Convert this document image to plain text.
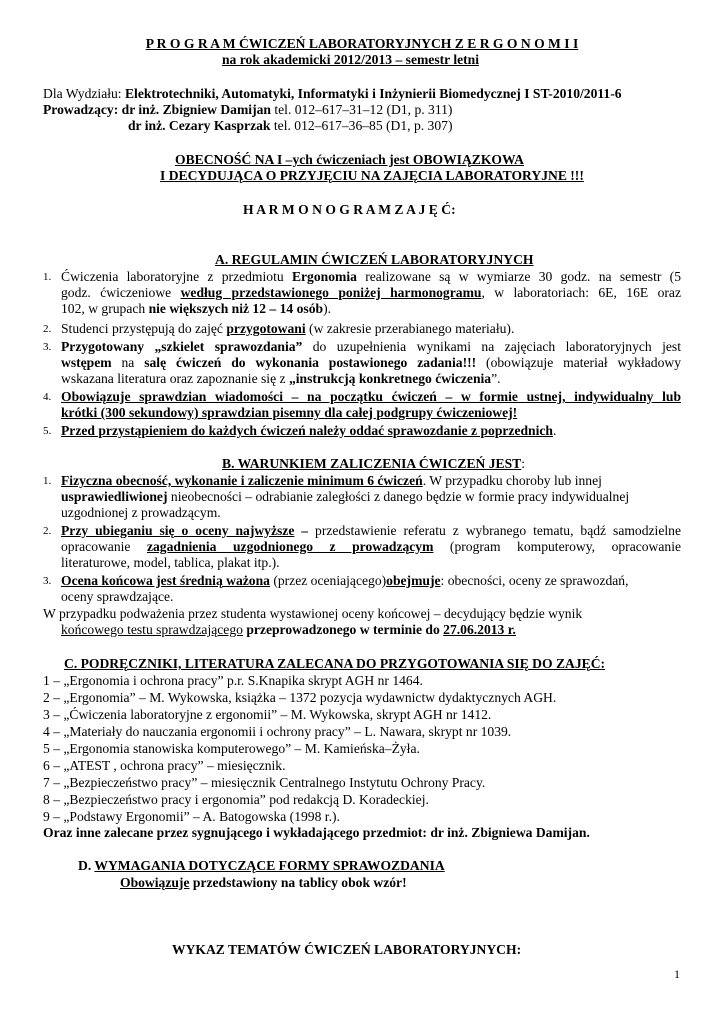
P R O G R A M ĆWICZEŃ LABORATORYJNYCH Z E R G O N O M I I
na rok akademicki 2012/2013 – semestr letni
Dla Wydziału: Elektrotechniki, Automatyki, Informatyki i Inżynierii Biomedycznej I ST-2010/2011-6
Prowadzący: dr inż. Zbigniew Damijan tel. 012–617–31–12 (D1, p. 311)
dr inż. Cezary Kasprzak tel. 012–617–36–85 (D1, p. 307)
OBECNOŚĆ NA I –ych ćwiczeniach jest OBOWIĄZKOWA
I DECYDUJĄCA O PRZYJĘCIU NA ZAJĘCIA LABORATORYJNE !!!
H A R M O N O G R A M Z A J Ę Ć:
A. REGULAMIN ĆWICZEŃ LABORATORYJNYCH
1. Ćwiczenia laboratoryjne z przedmiotu Ergonomia realizowane są w wymiarze 30 godz. na semestr (5
godz. ćwiczeniowe według przedstawionego poniżej harmonogramu, w laboratoriach: 6E, 16E oraz
102, w grupach nie większych niż 12 – 14 osób).
2. Studenci przystępują do zajęć przygotowani (w zakresie przerabianego materiału).
3. Przygotowany „szkielet sprawozdania” do uzupełnienia wynikami na zajęciach laboratoryjnych jest
wstępem na salę ćwiczeń do wykonania postawionego zadania!!! (obowiązuje materiał wykładowy
wskazana literatura oraz zapoznanie się z „instrukcją konkretnego ćwiczenia”.
4. Obowiązuje sprawdzian wiadomości – na początku ćwiczeń – w formie ustnej, indywidualny lub
krótki (300 sekundowy) sprawdzian pisemny dla całej podgrupy ćwiczeniowej!
5. Przed przystąpieniem do każdych ćwiczeń należy oddać sprawozdanie z poprzednich.
B. WARUNKIEM ZALICZENIA ĆWICZEŃ JEST:
1. Fizyczna obecność, wykonanie i zaliczenie minimum 6 ćwiczeń. W przypadku choroby lub innej
usprawiedliwionej nieobecności – odrabianie zaległości z danego będzie w formie pracy indywidualnej
uzgodnionej z prowadzącym.
2. Przy ubieganiu się o oceny najwyższe – przedstawienie referatu z wybranego tematu, bądź samodzielne
opracowanie zagadnienia uzgodnionego z prowadzącym (program komputerowy, opracowanie
literaturowe, model, tablica, plakat itp.).
3. Ocena końcowa jest średnią ważona (przez oceniającego)obejmuje: obecności, oceny ze sprawozdań,
oceny sprawdzające.
W przypadku podważenia przez studenta wystawionej oceny końcowej – decydujący będzie wynik
końcowego testu sprawdzającego przeprowadzonego w terminie do 27.06.2013 r.
C. PODRĘCZNIKI, LITERATURA ZALECANA DO PRZYGOTOWANIA SIĘ DO ZAJĘĆ:
1 – „Ergonomia i ochrona pracy” p.r. S.Knapika skrypt AGH nr 1464.
2 – „Ergonomia” – M. Wykowska, książka – 1372 pozycja wydawnictw dydaktycznych AGH.
3 – „Ćwiczenia laboratoryjne z ergonomii” – M. Wykowska, skrypt AGH nr 1412.
4 – „Materiały do nauczania ergonomii i ochrony pracy” – L. Nawara, skrypt nr 1039.
5 – „Ergonomia stanowiska komputerowego” – M. Kamieńska–Żyła.
6 – „ATEST , ochrona pracy” – miesięcznik.
7 – „Bezpieczeństwo pracy” – miesięcznik Centralnego Instytutu Ochrony Pracy.
8 – „Bezpieczeństwo pracy i ergonomia” pod redakcją D. Koradeckiej.
9 – „Podstawy Ergonomii” – A. Batogowska (1998 r.).
Oraz inne zalecane przez sygnującego i wykładającego przedmiot: dr inż. Zbigniewa Damijan.
D. WYMAGANIA DOTYCZĄCE FORMY SPRAWOZDANIA
Obowiązuje przedstawiony na tablicy obok wzór!
WYKAZ TEMATÓW ĆWICZEŃ LABORATORYJNYCH:
1
